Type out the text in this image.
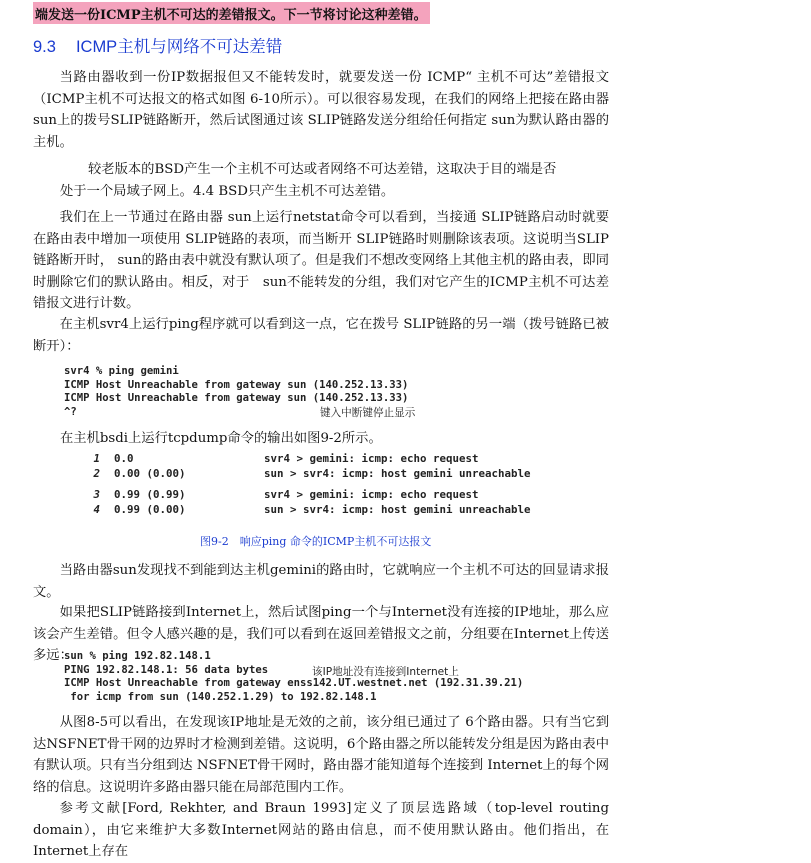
端发送一份ICMP主机不可达的差错报文。下一节将讨论这种差错。
9.3 ICMP主机与网络不可达差错

当路由器收到一份IP数据报但又不能转发时，就要发送一份 ICMP“ 主机不可达”差错报文（ICMP主机不可达报文的格式如图 6-10所示）。可以很容易发现，在我们的网络上把接在路由器sun上的拨号SLIP链路断开，然后试图通过该 SLIP链路发送分组给任何指定 sun为默认路由器的主机。

较老版本的BSD产生一个主机不可达或者网络不可达差错，这取决于目的端是否
处于一个局域子网上。4.4 BSD只产生主机不可达差错。

我们在上一节通过在路由器 sun上运行netstat命令可以看到，当接通 SLIP链路启动时就要在路由表中增加一项使用 SLIP链路的表项，而当断开 SLIP链路时则删除该表项。这说明当SLIP链路断开时， sun的路由表中就没有默认项了。但是我们不想改变网络上其他主机的路由表，即同时删除它们的默认路由。相反，对于　sun不能转发的分组，我们对它产生的ICMP主机不可达差错报文进行计数。

在主机svr4上运行ping程序就可以看到这一点，它在拨号 SLIP链路的另一端（拨号链路已被断开）：

svr4 % ping gemini
ICMP Host Unreachable from gateway sun (140.252.13.33)
ICMP Host Unreachable from gateway sun (140.252.13.33)
^?	键入中断键停止显示
在主机bsdi上运行tcpdump命令的输出如图9-2所示。
1 0.0	svr4 > gemini: icmp: echo request
2 0.00 (0.00)	sun > svr4: icmp: host gemini unreachable
3 0.99 (0.99)	svr4 > gemini: icmp: echo request
4 0.99 (0.00)	sun > svr4: icmp: host gemini unreachable
图9-2　响应ping 命令的ICMP主机不可达报文

当路由器sun发现找不到能到达主机gemini的路由时，它就响应一个主机不可达的回显请求报文。

如果把SLIP链路接到Internet上，然后试图ping一个与Internet没有连接的IP地址，那么应该会产生差错。但令人感兴趣的是，我们可以看到在返回差错报文之前，分组要在Internet上传送多远：

sun % ping 192.82.148.1
PING 192.82.148.1: 56 data bytes
ICMP Host Unreachable from gateway enss142.UT.westnet.net (192.31.39.21)
for icmp from sun (140.252.1.29) to 192.82.148.1
该IP地址没有连接到Internet上

从图8-5可以看出，在发现该IP地址是无效的之前，该分组已通过了 6个路由器。只有当它到达NSFNET骨干网的边界时才检测到差错。这说明，6个路由器之所以能转发分组是因为路由表中有默认项。只有当分组到达 NSFNET骨干网时，路由器才能知道每个连接到 Internet上的每个网络的信息。这说明许多路由器只能在局部范围内工作。

参考文献[Ford, Rekhter, and Braun 1993]定义了顶层选路域（top-level routing domain），由它来维护大多数Internet网站的路由信息，而不使用默认路由。他们指出，在 Internet上存在
